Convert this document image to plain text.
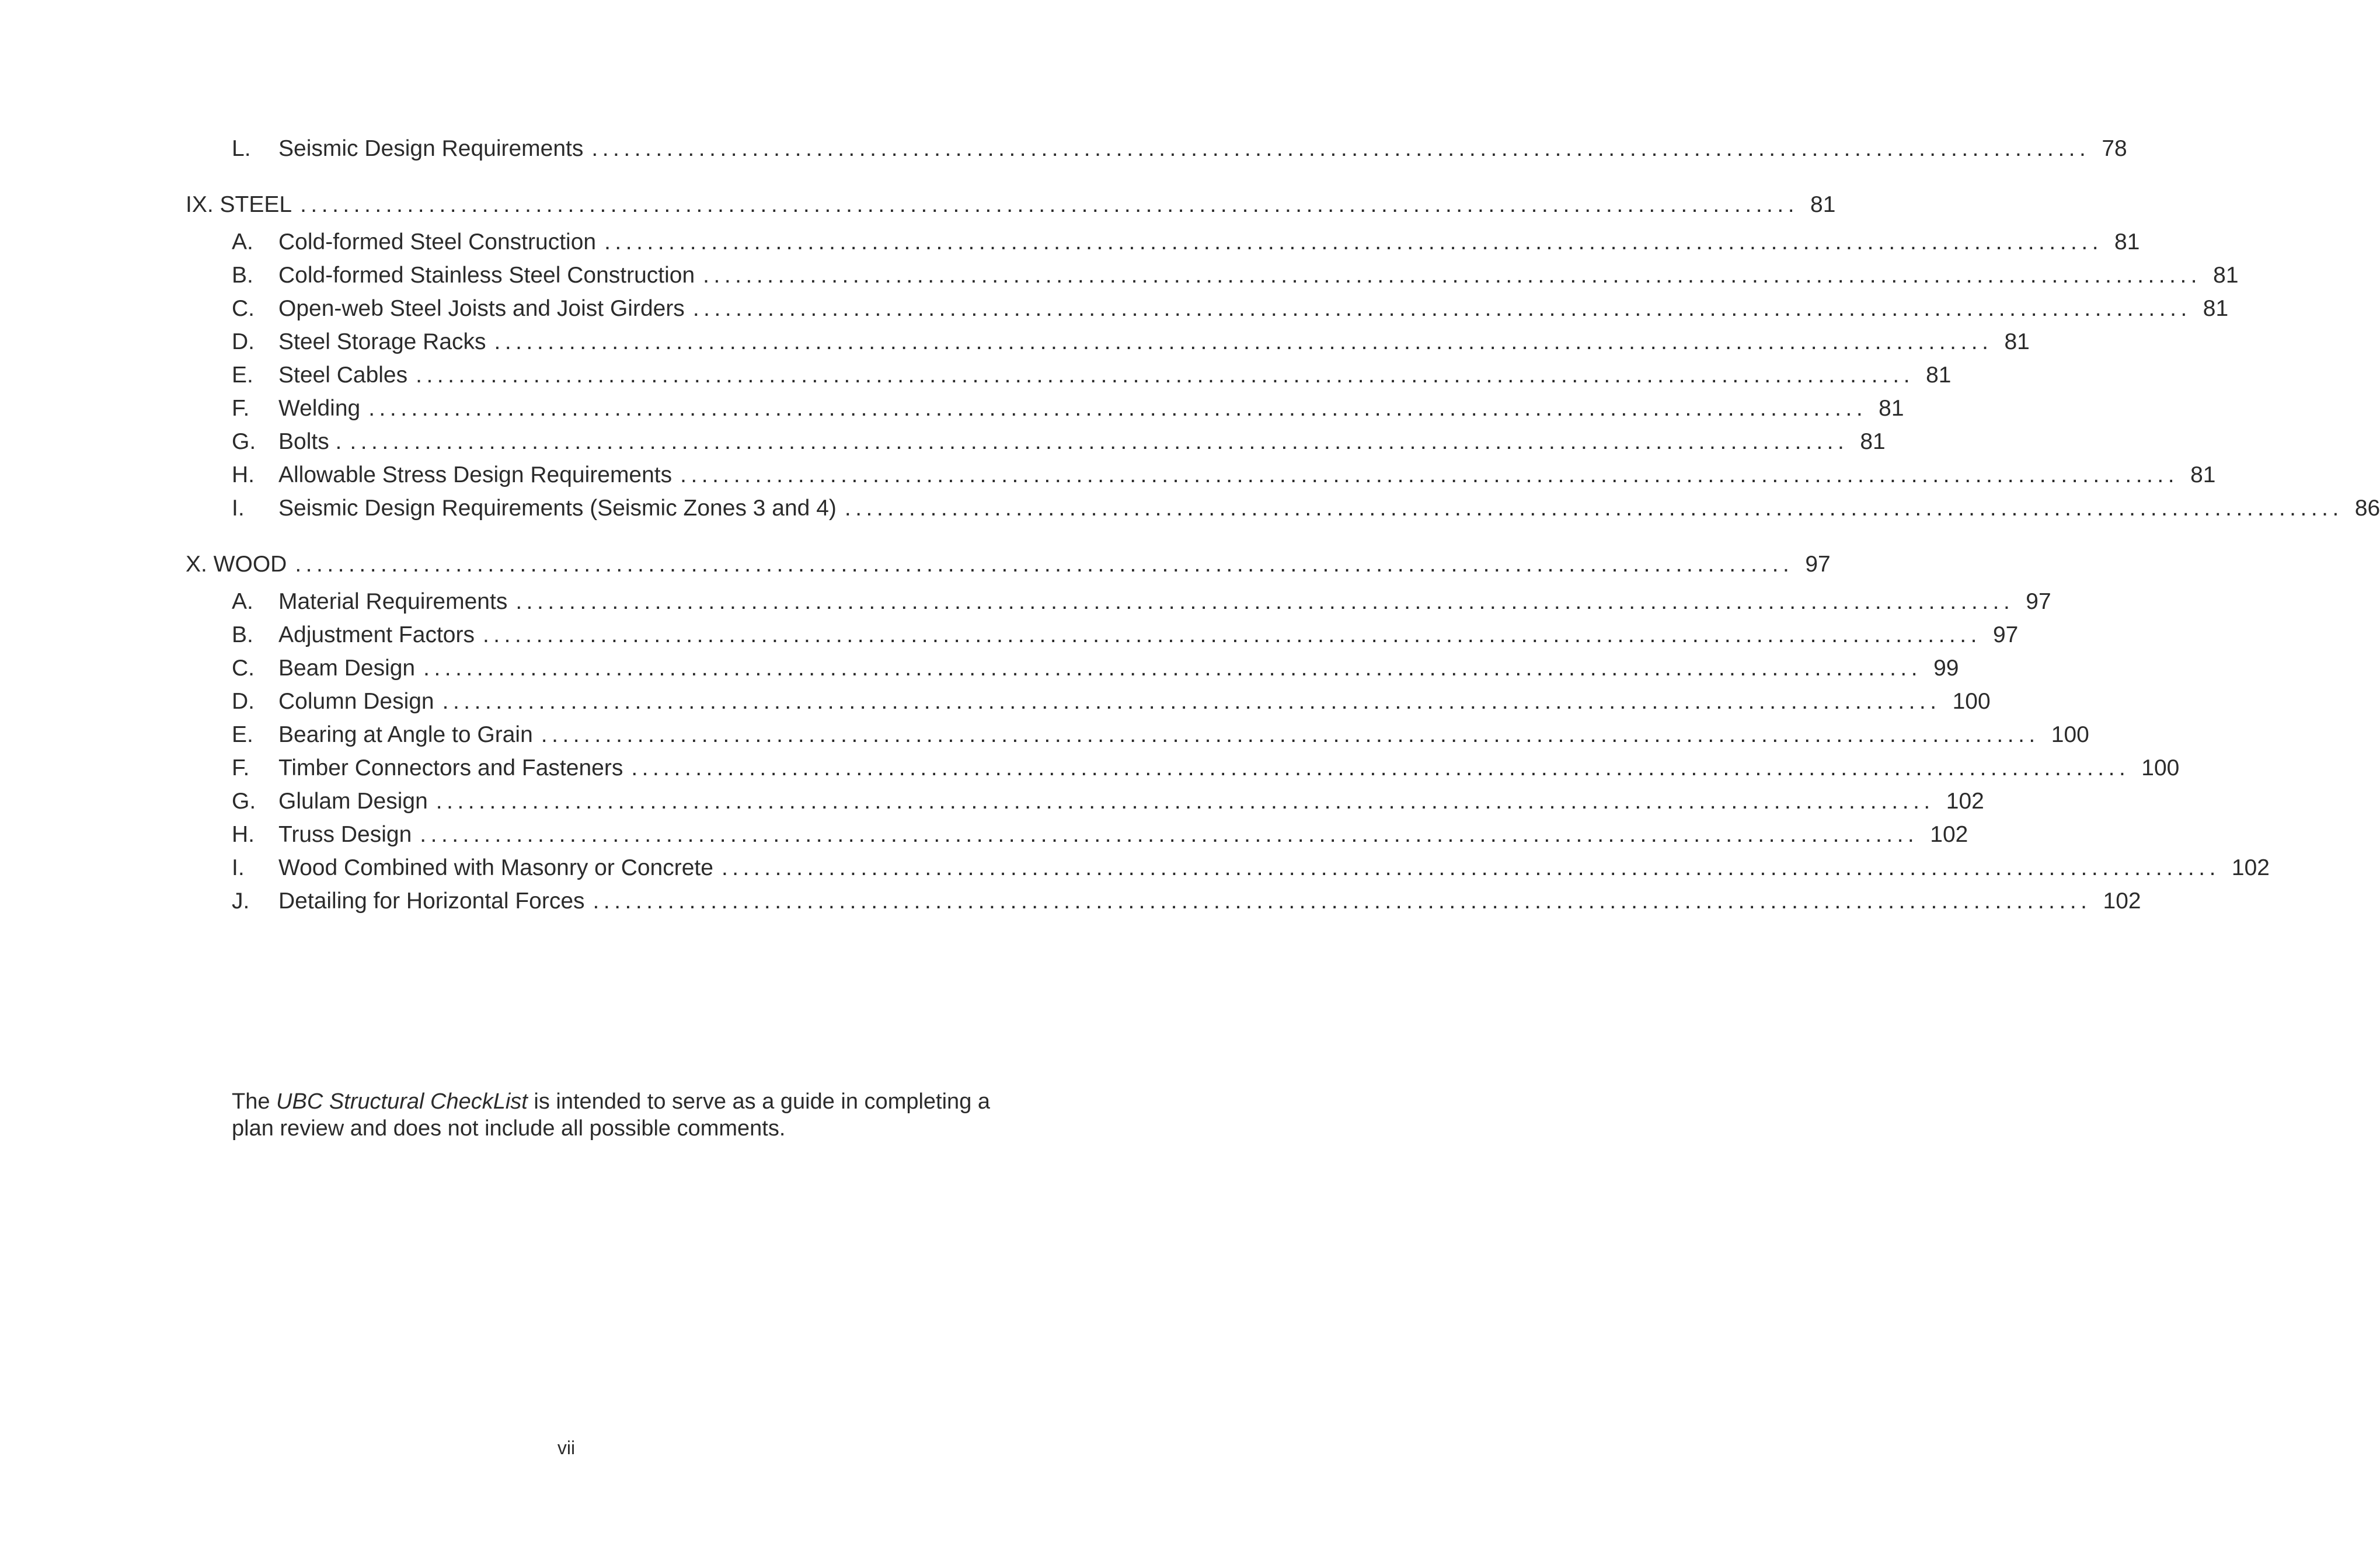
L. Seismic Design Requirements ............................................................................................................................................ 78
IX. STEEL ............................................................................................................................................ 81
A. Cold-formed Steel Construction ............................................................................................................................................ 81
B. Cold-formed Stainless Steel Construction ............................................................................................................................................ 81
C. Open-web Steel Joists and Joist Girders ............................................................................................................................................ 81
D. Steel Storage Racks ............................................................................................................................................ 81
E. Steel Cables ............................................................................................................................................ 81
F. Welding ............................................................................................................................................ 81
G. Bolts . ............................................................................................................................................ 81
H. Allowable Stress Design Requirements ............................................................................................................................................ 81
I. Seismic Design Requirements (Seismic Zones 3 and 4) ............................................................................................................................................ 86
X. WOOD ............................................................................................................................................ 97
A. Material Requirements ............................................................................................................................................ 97
B. Adjustment Factors ............................................................................................................................................ 97
C. Beam Design ............................................................................................................................................ 99
D. Column Design ............................................................................................................................................ 100
E. Bearing at Angle to Grain ............................................................................................................................................ 100
F. Timber Connectors and Fasteners ............................................................................................................................................ 100
G. Glulam Design ............................................................................................................................................ 102
H. Truss Design ............................................................................................................................................ 102
I. Wood Combined with Masonry or Concrete ............................................................................................................................................ 102
J. Detailing for Horizontal Forces ............................................................................................................................................ 102

The UBC Structural CheckList is intended to serve as a guide in completing a plan review and does not include all possible comments.

vii
